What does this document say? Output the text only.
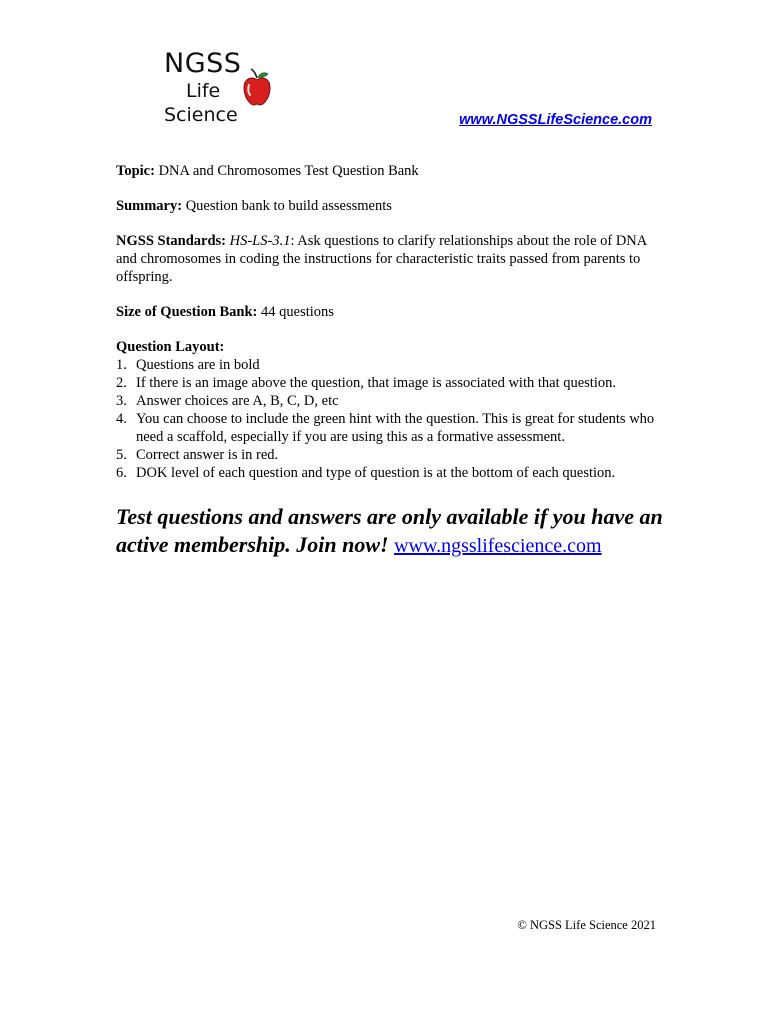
NGSS
Life
Science	www.NGSSLifeScience.com

Topic: DNA and Chromosomes Test Question Bank

Summary: Question bank to build assessments

NGSS Standards: HS-LS-3.1: Ask questions to clarify relationships about the role of DNA and chromosomes in coding the instructions for characteristic traits passed from parents to offspring.

Size of Question Bank: 44 questions

Question Layout:

1. Questions are in bold
2. If there is an image above the question, that image is associated with that question.
3. Answer choices are A, B, C, D, etc
4. You can choose to include the green hint with the question. This is great for students who need a scaffold, especially if you are using this as a formative assessment.
5. Correct answer is in red.
6. DOK level of each question and type of question is at the bottom of each question.
Test questions and answers are only available if you have an active membership. Join now! www.ngsslifescience.com
© NGSS Life Science 2021
